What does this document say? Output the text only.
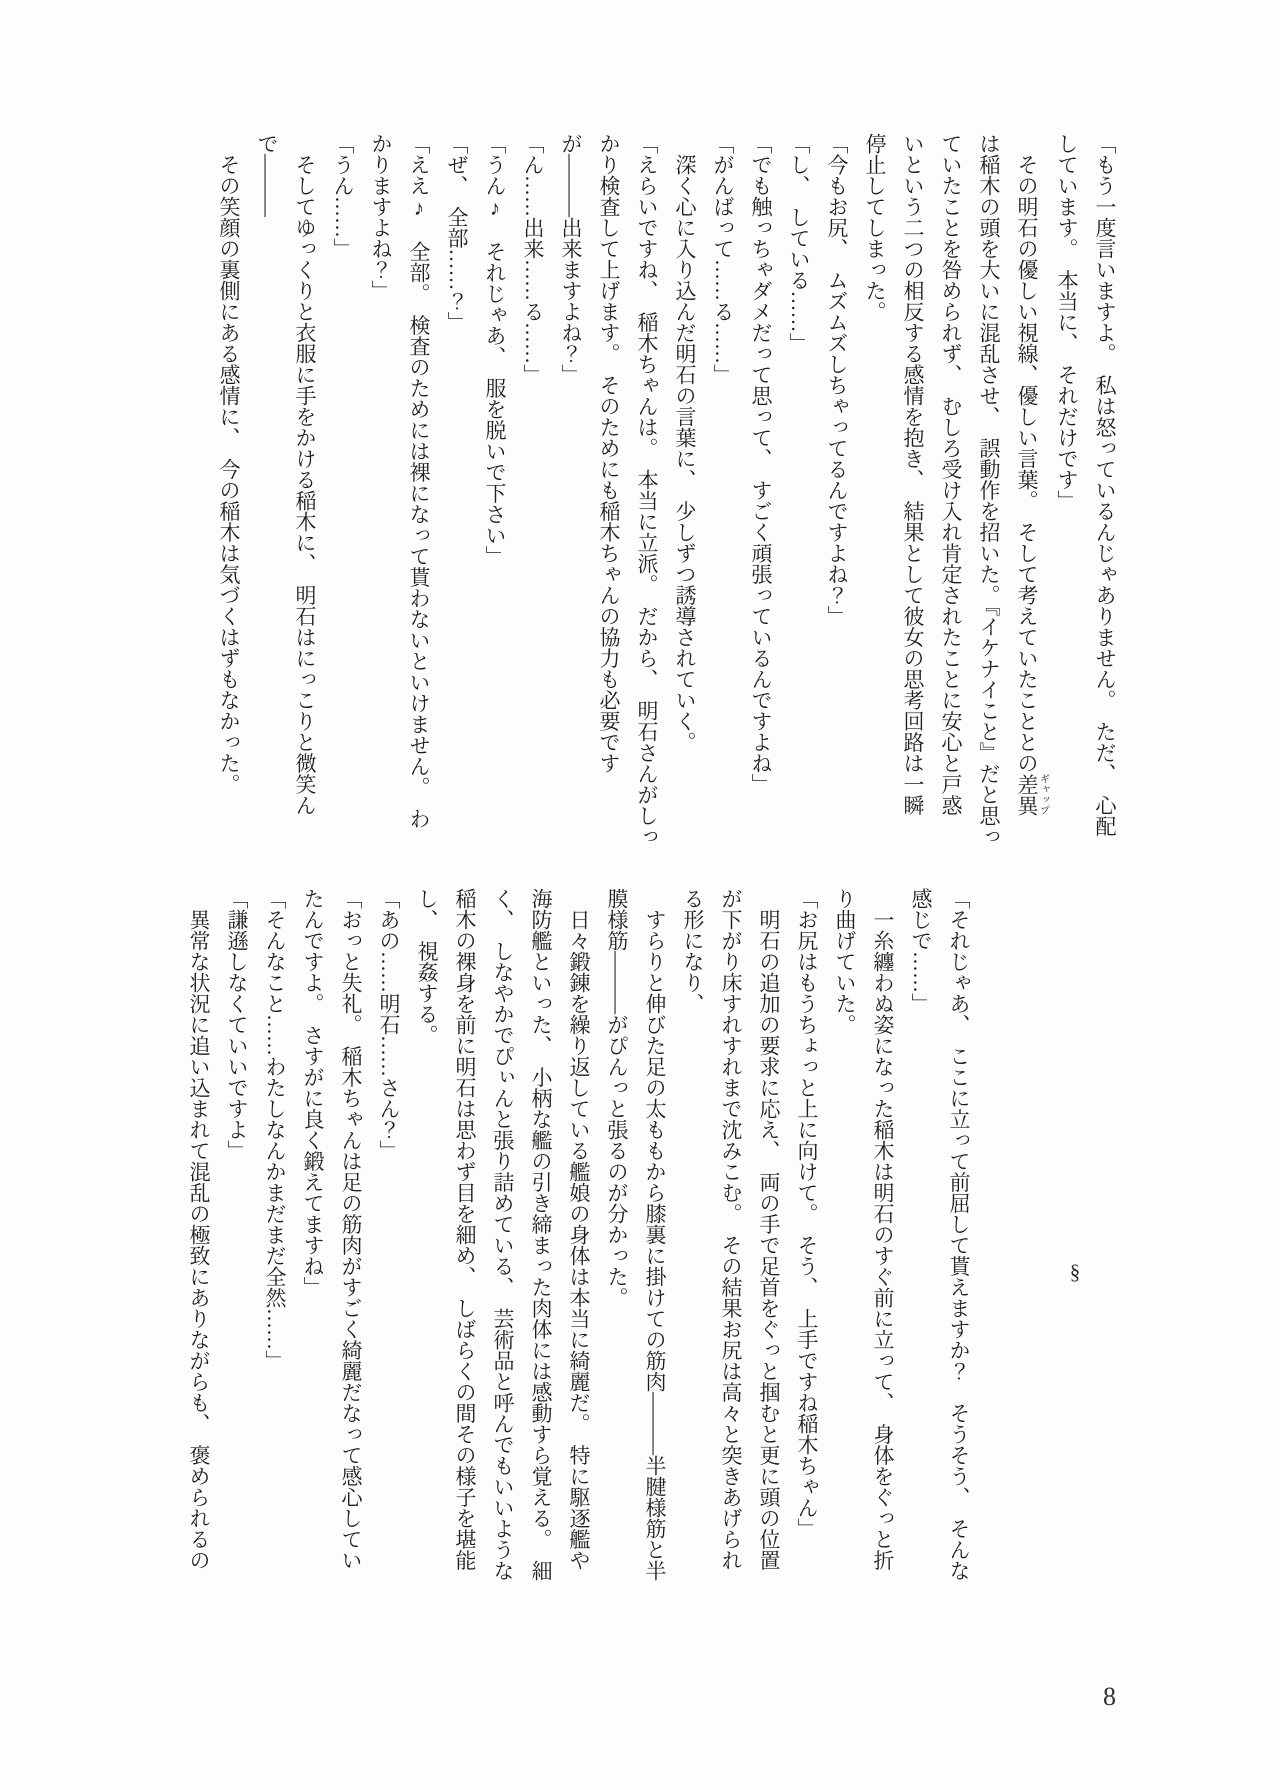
「もう一度言いますよ。　私は怒っているんじゃありません。　ただ、　心配

しています。　本当に、　それだけです」

　その明石の優しい視線、優しい言葉。　そして考えていたこととの差異ギャップ

は稲木の頭を大いに混乱させ、　誤動作を招いた。『イケナイこと』だと思っ

ていたことを咎められず、　むしろ受け入れ肯定されたことに安心と戸惑

いという二つの相反する感情を抱き、　結果として彼女の思考回路は一瞬

停止してしまった。

「今もお尻、　ムズムズしちゃってるんですよね？」

「し、　している……」

「でも触っちゃダメだって思って、　すごく頑張っているんですよね」

「がんばって……る……」

　深く心に入り込んだ明石の言葉に、　少しずつ誘導されていく。

「えらいですね、　稲木ちゃんは。　本当に立派。　だから、　明石さんがしっ

かり検査して上げます。　そのためにも稲木ちゃんの協力も必要です

が―――出来ますよね？」

「ん……出来……る……」

「うん♪　それじゃあ、　服を脱いで下さい」

「ぜ、　全部……？」

「ええ♪　全部。　検査のためには裸になって貰わないといけません。　わ

かりますよね？」

「うん……」

　そしてゆっくりと衣服に手をかける稲木に、　明石はにっこりと微笑ん

で―――

　その笑顔の裏側にある感情に、　今の稲木は気づくはずもなかった。

§

「それじゃあ、　ここに立って前屈して貰えますか？　そうそう、　そんな

感じで……」

　一糸纏わぬ姿になった稲木は明石のすぐ前に立って、　身体をぐっと折

り曲げていた。

「お尻はもうちょっと上に向けて。　そう、　上手ですね稲木ちゃん」

　明石の追加の要求に応え、　両の手で足首をぐっと掴むと更に頭の位置

が下がり床すれすれまで沈みこむ。　その結果お尻は高々と突きあげられ

る形になり、

　すらりと伸びた足の太ももから膝裏に掛けての筋肉―――半腱様筋と半

膜様筋―――がぴんっと張るのが分かった。

　日々鍛錬を繰り返している艦娘の身体は本当に綺麗だ。　特に駆逐艦や

海防艦といった、　小柄な艦の引き締まった肉体には感動すら覚える。　細

く、　しなやかでぴぃんと張り詰めている、　芸術品と呼んでもいいような

稲木の裸身を前に明石は思わず目を細め、　しばらくの間その様子を堪能

し、　視姦する。

「あの……明石……さん？」

「おっと失礼。　稲木ちゃんは足の筋肉がすごく綺麗だなって感心してい

たんですよ。　さすがに良く鍛えてますね」

「そんなこと……わたしなんかまだまだ全然……」

「謙遜しなくていいですよ」

　異常な状況に追い込まれて混乱の極致にありながらも、　褒められるの

8
